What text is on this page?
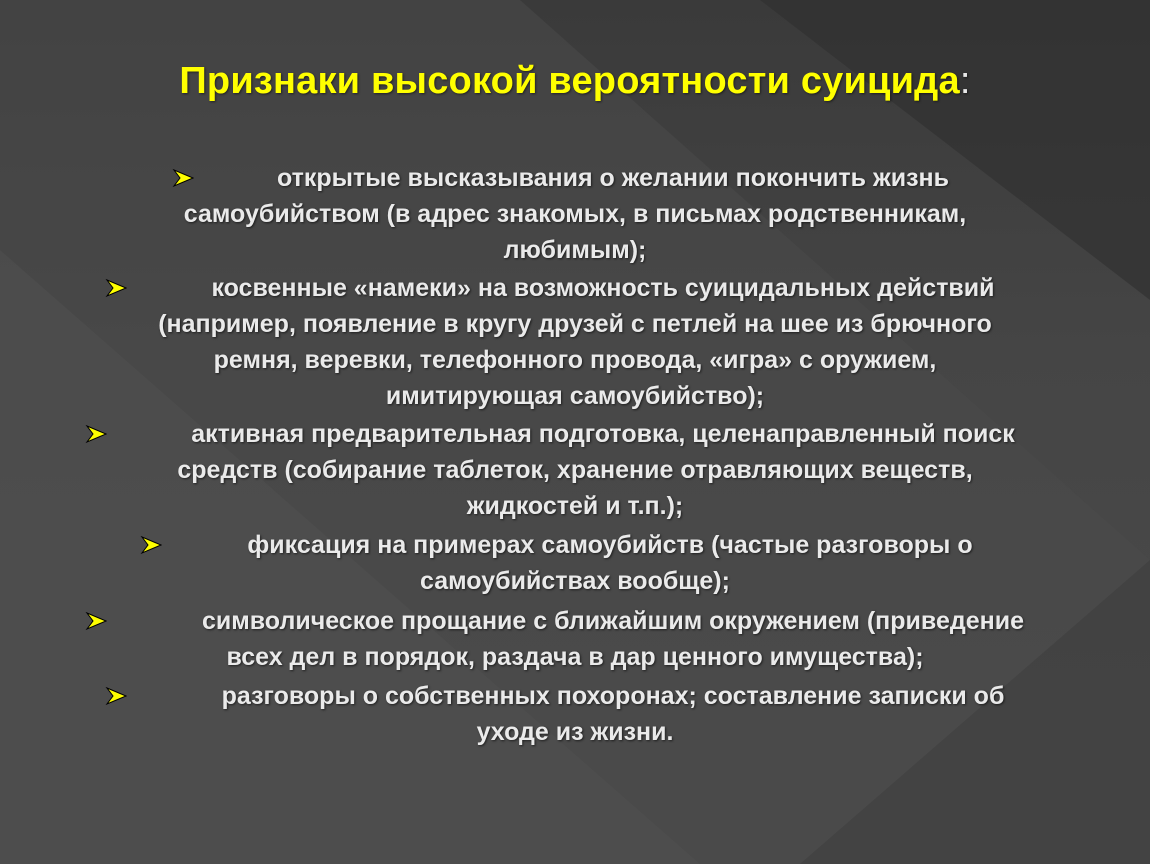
Признаки высокой вероятности суицида:
открытые высказывания о желании покончить жизнь
самоубийством (в адрес знакомых, в письмах родственникам,
любимым);
косвенные «намеки» на возможность суицидальных действий
(например, появление в кругу друзей с петлей на шее из брючного
ремня, веревки, телефонного провода, «игра» с оружием,
имитирующая самоубийство);
активная предварительная подготовка, целенаправленный поиск
средств (собирание таблеток, хранение отравляющих веществ,
жидкостей и т.п.);
фиксация на примерах самоубийств (частые разговоры о
самоубийствах вообще);
символическое прощание с ближайшим окружением (приведение
всех дел в порядок, раздача в дар ценного имущества);
разговоры о собственных похоронах; составление записки об
уходе из жизни.
